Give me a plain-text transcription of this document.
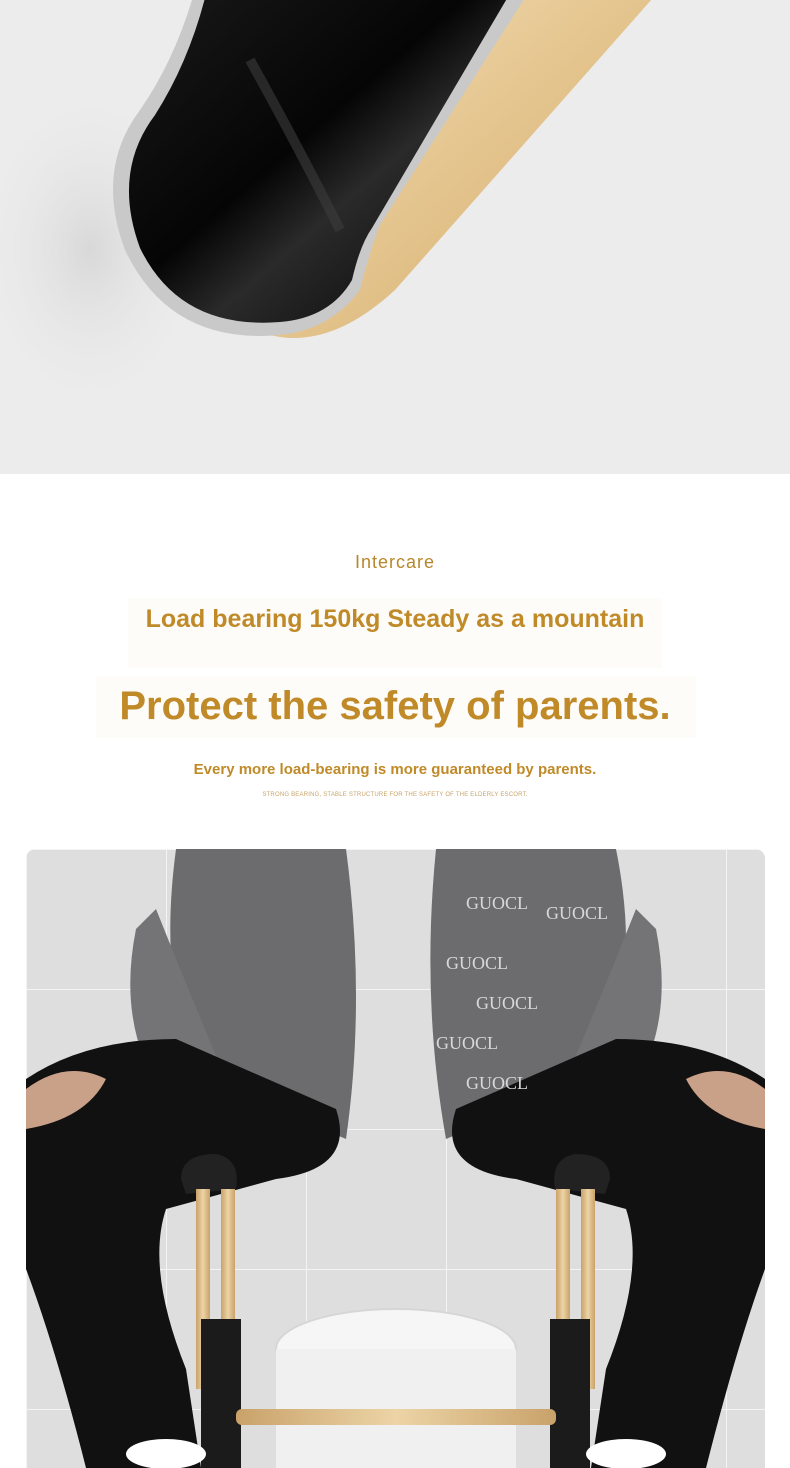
Intercare
Load bearing 150kg Steady as a mountain
Protect the safety of parents.
Every more load-bearing is more guaranteed by parents.
STRONG BEARING, STABLE STRUCTURE FOR THE SAFETY OF THE ELDERLY ESCORT.
GUOCL GUOCL
GUOCL
GUOCL
GUOCL
GUOCL
